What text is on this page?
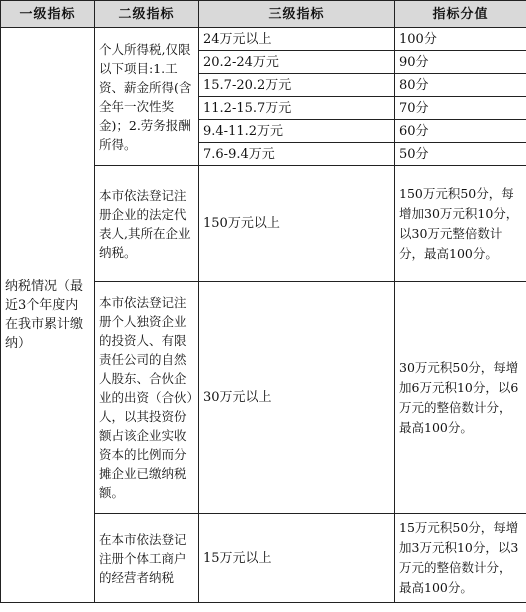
一级指标	二级指标	三级指标	指标分值
纳税情况（最近3个年度内在我市累计缴纳）	个人所得税,仅限以下项目:1.工资、薪金所得(含全年一次性奖金)；2.劳务报酬所得。	24万元以上	100分
		20.2-24万元	90分
		15.7-20.2万元	80分
		11.2-15.7万元	70分
		9.4-11.2万元	60分
		7.6-9.4万元	50分
	本市依法登记注册企业的法定代表人,其所在企业纳税。	150万元以上	150万元积50分，每增加30万元积10分，以30万元整倍数计分，最高100分。
	本市依法登记注册个人独资企业的投资人、有限责任公司的自然人股东、合伙企业的出资（合伙）人，以其投资份额占该企业实收资本的比例而分摊企业已缴纳税额。	30万元以上	30万元积50分，每增加6万元积10分，以6万元的整倍数计分，最高100分。
	在本市依法登记注册个体工商户的经营者纳税	15万元以上	15万元积50分，每增加3万元积10分，以3万元的整倍数计分，最高100分。
